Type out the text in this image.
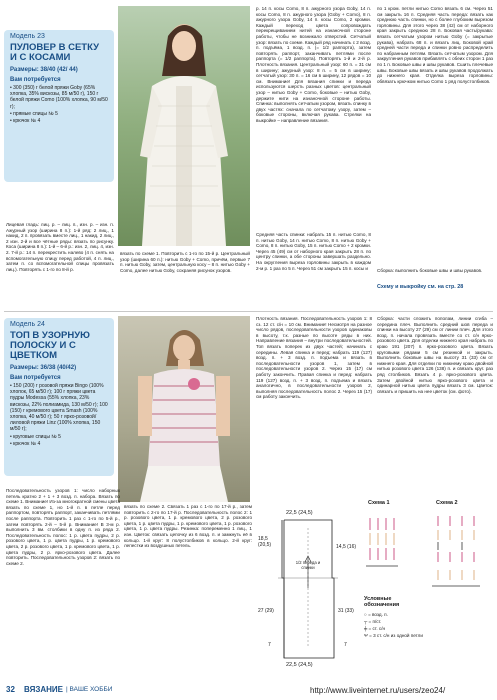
Модель 23
ПУЛОВЕР В СЕТКУ
И С КОСАМИ
Размеры: 38/40 (42/ 44)
Вам потребуется
• 300 (350) г белой пряжи Goby (65% хлопка, 35% вискозы, 85 м/50 г), 150 г белой пряжи Como (100% хлопка, 90 м/50 г);
• прямые спицы № 5
• крючок № 4
Лицевая гладь: лиц. р. – лиц. п., изн. р. – изн. п. Ажурный узор (ширина 8 п.): 1-й ряд: 2 лиц., 1 накид, 2 п. провязать вместе лиц., 1 накид, 2 лиц., 2 изн. 2-й и все чётные ряды: вязать по рисунку. Коса (ширина 8 п.): 1-й – 6-й р.: изн. 2, лиц. 4, изн. 2. 7-й р.: 14 п. перекрестить налево (4 п. снять на вспомогательную спицу перед работой, 4 п. лиц., затем п. со вспомогательной спицы провязать лиц.). Повторять с 1-го по 8-й р.
вязать по схеме 1. Повторить с 1-го по 15-й р. Центральный узор (ширина 60 п.): нитью Goby + Como, причём, первые 7 п. нитью Goby, затем, центральную косу – 8 п. нитью Goby + Como, далее нитью Goby, сохраняя рисунок узоров.
р. 14 п. косы Como, 8 п. ажурного узора Goby, 14 п. косы Como, 8 п. ажурного узора (Goby + Como), 8 п. ажурного узора Goby, 14 п. косы Como, 2 кромки. Каждый переход цвета сопровождать перекрещиванием нитей на изнаночной стороне работы, чтобы не возникало отверстий. Сетчатый узор: вязать по схеме. Каждый ряд начинать с 2 возд. п. подъёма, 1 возд. п. (= 1/2 раппорта), затем повторять раппорт, заканчивать петлями после раппорта (= 1/2 раппорта). Повторять 1-й и 2-й р. Плотность вязания. Центральный узор: 60 п. = 31 см в ширину; ажурный узор: 8 п. = 5 см в ширину; сетчатый узор: 30 п. = 16 см в ширину, 12 рядов = 10 см. Внимание! Для вязания спинки и переда используются шерсть разных цветов: центральный узор – нитью Goby + Como, боковые – нитью Goby, держите нити на изнаночной стороне работы. Спинка: выполнять сетчатым узором, вязать спинку в двух частях: сначала по сетчатому узору, затем – боковые стороны, включая рукава. Стрелки на выкройке – направление вязания.
Средняя часть спинки: набрать 15 п. нитью Como, 8 п. нитью Goby, 14 п. нитью Como, 8 п. нитью Goby + Como, 8 п. нитью Goby, 15 п. нитью Como + 2 кромки. Через 45 (49) см от наборного края закрыть 28 п. по центру спинки, а обе стороны завершать раздельно. На округления выреза горловины закрыть в каждом 2-м р. 1 раз по 5 п. Через 51 см закрыть 15 п. косы и
по 1 кром. петли нитью Como вязать 6 см. Через 51 см закрыть 16 п. Средняя часть переда: вязать как среднюю часть спинки, но с более глубоким вырезом горловины. Для этого через 38 (42) см от наборного края закрыть среднюю 28 п. Боковая часть/рукава: вязать сетчатым узором нитью Goby (= закрытые рукава), набрать 68 п. и вязать лиц. Боковой край средней части переда и спинки ровно распределить по набранным петлям. Вязать сетчатым узором. Для закругления рукавов прибавлять с обеих сторон 1 раз по 1 п. Боковые швы и швы рукавов. Сшить плечевые швы. Боковые швы вязать и швы рукавов продолжать до нижнего края. Отделка выреза горловины: обвязать крючком нитью Como 1 ряд полустолбиков.
Сборка: выполнить боковые швы и швы рукавов.
Схему и выкройку см. на стр. 28
Модель 24
ТОП В УЗОРНУЮ
ПОЛОСКУ И С ЦВЕТКОМ
Размеры: 36/38 (40/42)
Вам потребуется
• 150 (200) г розовой пряжи Bingo (100% хлопок, 65 м/50 г); 100 г пряжи цвета пудры Modessa (55% хлопка, 23% вискозы, 22% полиамида, 130 м/50 г); 100 (150) г кремового цвета Smash (100% хлопка, 40 м/50 г); 50 г ярко-розовой/лиловой пряжи Linz (100% хлопка, 150 м/50 г);
• круговые спицы № 5
• крючок № 4
Плотность вязания. Последовательность узоров 1: 8 сз. 12 ст. с/н = 10 см. Внимание! Несмотря на разное число рядов, последовательности узоров одинаковы в высоту, т.к. разные по высоте ряды в них. Направление вязания – внутри последовательностей. Топ вязать поперек из двух частей; начинать с середины. Левая спинка и перед: набрать 119 (127) возд. п. + 3 возд. п. подъема и вязать в последовательности узоров 1, затем в последовательности узоров 2. Через 15 (17) см работу закончить. Правая спинка и перед: набрать 119 (127) возд. п. + 3 возд. п. подъема и вязать аналогично, в последовательности узоров 2, выполняя последовательность полос 2. Через 15 (17) см работу закончить.
Сборка: части сложить пополам, линии сгиба – середина плеч. Выполнить средний шов переда и спинки на высоту 27 (29) см от линии плеч. Для этого возд. п. начала провязать вместе со ст. с/н ярко-розового цвета. Для отделки нижнего края набрать по краю 191 (207) п. ярко-розового цвета. Вязать круговыми рядами 5 см резинкой и закрыть. Выполнить боковые швы на высоту 31 (33) см от нижнего края. Для отделки по нижнему краю двойной нитью розового цвета 126 (138) п. и связать круг. раз ряд столбиков. Вязать 4 р. ярко-розового цвета. Затем двойной нитью ярко-розового цвета и одинарной нитью цвета пудры вязать 3 см. Цветок: связать и пришить на нее цветок (см. фото).
Последовательность узоров 1: число наборных петель кратно 2 + 1 + 3 возд. п. набора. Вязать по схеме 1. Внимание! Из-за многократной смены цвета вязать по схеме 1, но 1-й п. в петле перед раппортом, повторять раппорт, заканчивать петлями после раппорта. Повторить 1 раз с 1-го по 5-й р., затем повторять 2-й – 5-й р. Внимание! В 3-м р. выполнить 3 вм. столбики в одну п. из ряда 2. Последовательность полос: 1 р. цвета пудры, 2 р. розового цвета, 1 р. цвета пудры, 1 р. кремового цвета, 2 р. розового цвета, 1 р. кремового цвета, 1 р. цвета пудры, 2 р. ярко-розового цвета. Далее повторить. Последовательность узоров 2: вязать по схеме 2.
вязать по схеме 2. Связать 1 раз с 1-го по 17-й р., затем повторить с 2-го по 17-й р. Последовательность полос 2: 1 р. розового цвета, 1 р. кремового цвета, 2 р. розового цвета, 1 р. цвета пудры, 1 р. кремового цвета, 1 р. розового цвета, 1 р. цвета пудры. Резинка: попеременно 1 лиц., 1 изн. Цветок: связать цепочку из 6 возд. п. и замкнуть её в кольцо. 1-й круг: 8 полустолбиков в кольцо. 2-й круг: лепестки из воздушных петель.
22,5 (24,5)
18,5 (20,5)	14,5 (16)
1/2 переда и спинки
27 (29)	31 (33)
7	7
22,5 (24,5)
Схема 1	Схема 2
Условные обозначения
○ = возд. п.
┬ = п/ст.
╪ = ст. с/н
Ψ = 3 ст. с/н из одной петли
32 ВЯЗАНИЕ | ВАШЕ ХОББИ	http://www.liveinternet.ru/users/zeo24/
